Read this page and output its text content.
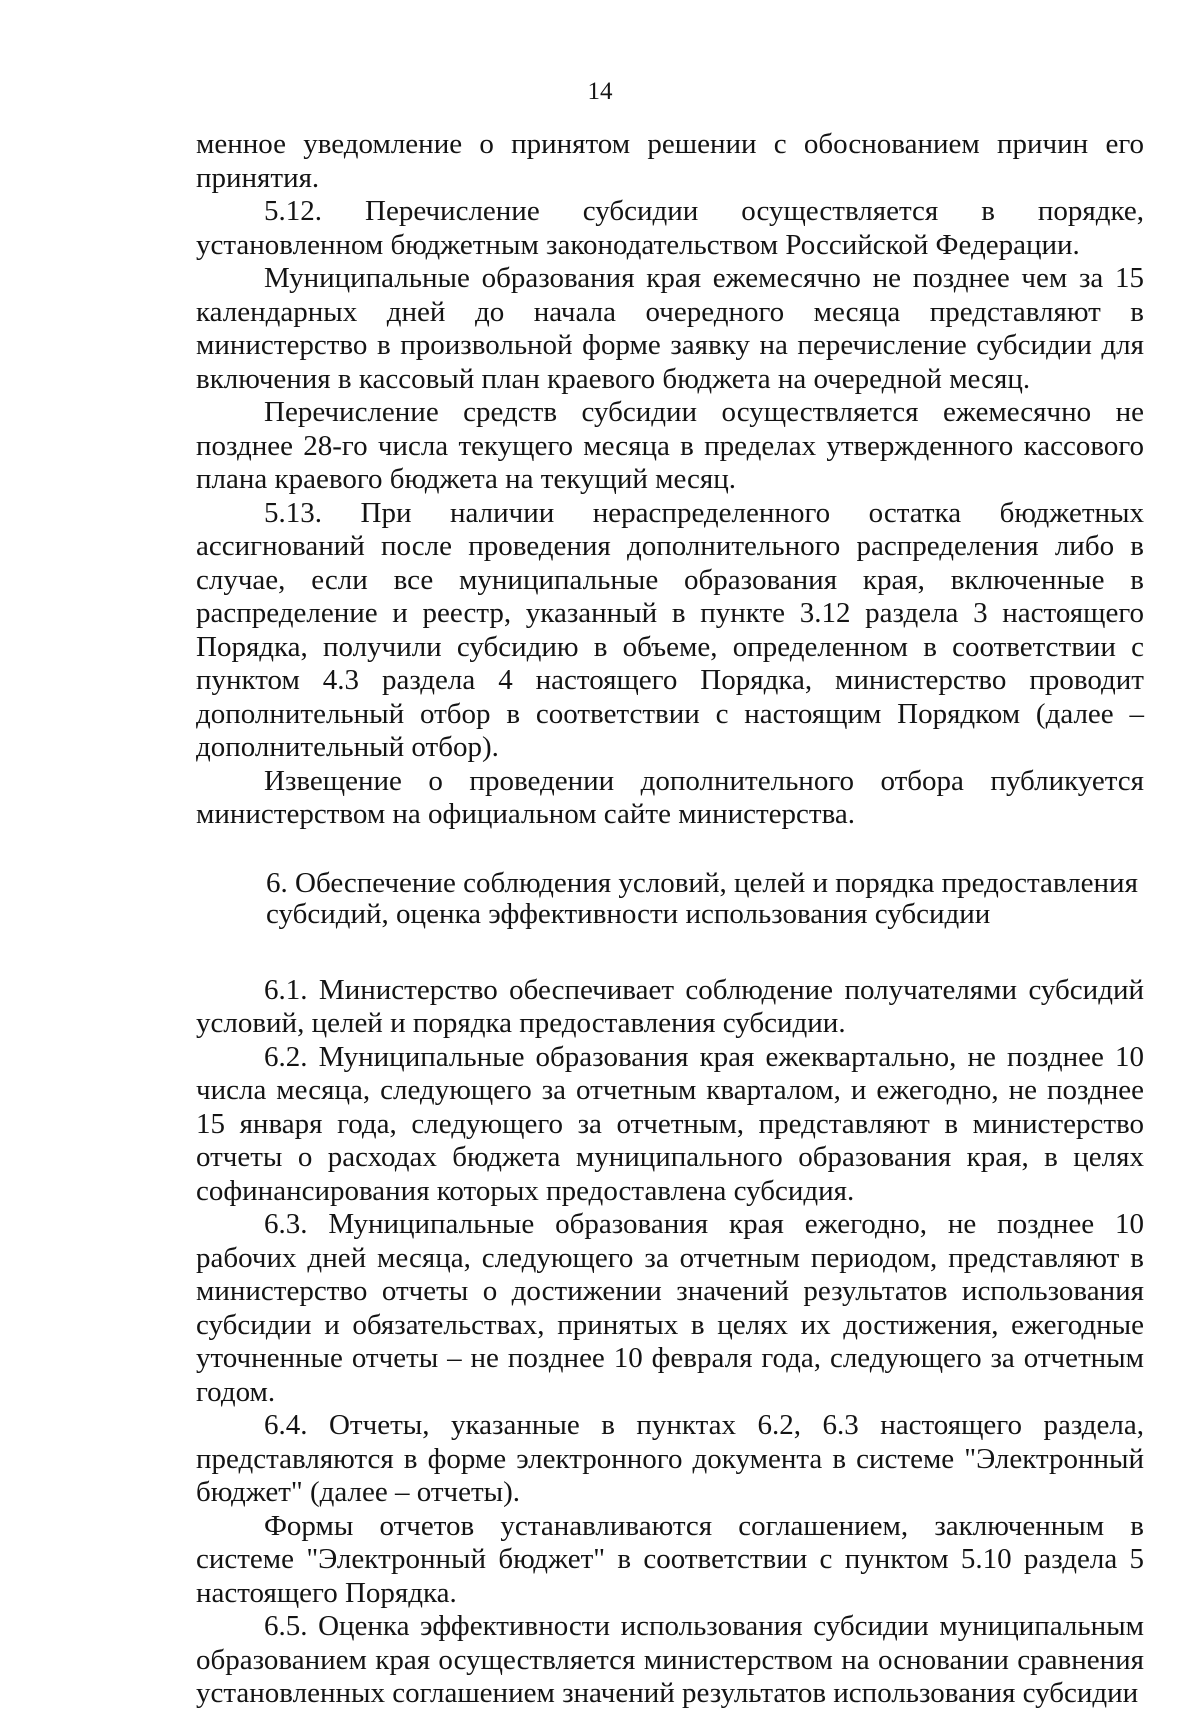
14

менное уведомление о принятом решении с обоснованием причин его принятия.

5.12. Перечисление субсидии осуществляется в порядке, установленном бюджетным законодательством Российской Федерации.

Муниципальные образования края ежемесячно не позднее чем за 15 календарных дней до начала очередного месяца представляют в министерство в произвольной форме заявку на перечисление субсидии для включения в кассовый план краевого бюджета на очередной месяц.

Перечисление средств субсидии осуществляется ежемесячно не позднее 28-го числа текущего месяца в пределах утвержденного кассового плана краевого бюджета на текущий месяц.

5.13. При наличии нераспределенного остатка бюджетных ассигнований после проведения дополнительного распределения либо в случае, если все муниципальные образования края, включенные в распределение и реестр, указанный в пункте 3.12 раздела 3 настоящего Порядка, получили субсидию в объеме, определенном в соответствии с пунктом 4.3 раздела 4 настоящего Порядка, министерство проводит дополнительный отбор в соответствии с настоящим Порядком (далее – дополнительный отбор).

Извещение о проведении дополнительного отбора публикуется министерством на официальном сайте министерства.

6. Обеспечение соблюдения условий, целей и порядка предоставления
субсидий, оценка эффективности использования субсидии

6.1. Министерство обеспечивает соблюдение получателями субсидий условий, целей и порядка предоставления субсидии.

6.2. Муниципальные образования края ежеквартально, не позднее 10 числа месяца, следующего за отчетным кварталом, и ежегодно, не позднее 15 января года, следующего за отчетным, представляют в министерство отчеты о расходах бюджета муниципального образования края, в целях софинансирования которых предоставлена субсидия.

6.3. Муниципальные образования края ежегодно, не позднее 10 рабочих дней месяца, следующего за отчетным периодом, представляют в министерство отчеты о достижении значений результатов использования субсидии и обязательствах, принятых в целях их достижения, ежегодные уточненные отчеты – не позднее 10 февраля года, следующего за отчетным годом.

6.4. Отчеты, указанные в пунктах 6.2, 6.3 настоящего раздела, представляются в форме электронного документа в системе "Электронный бюджет" (далее – отчеты).

Формы отчетов устанавливаются соглашением, заключенным в системе "Электронный бюджет" в соответствии с пунктом 5.10 раздела 5 настоящего Порядка.

6.5. Оценка эффективности использования субсидии муниципальным образованием края осуществляется министерством на основании сравнения установленных соглашением значений результатов использования субсидии
